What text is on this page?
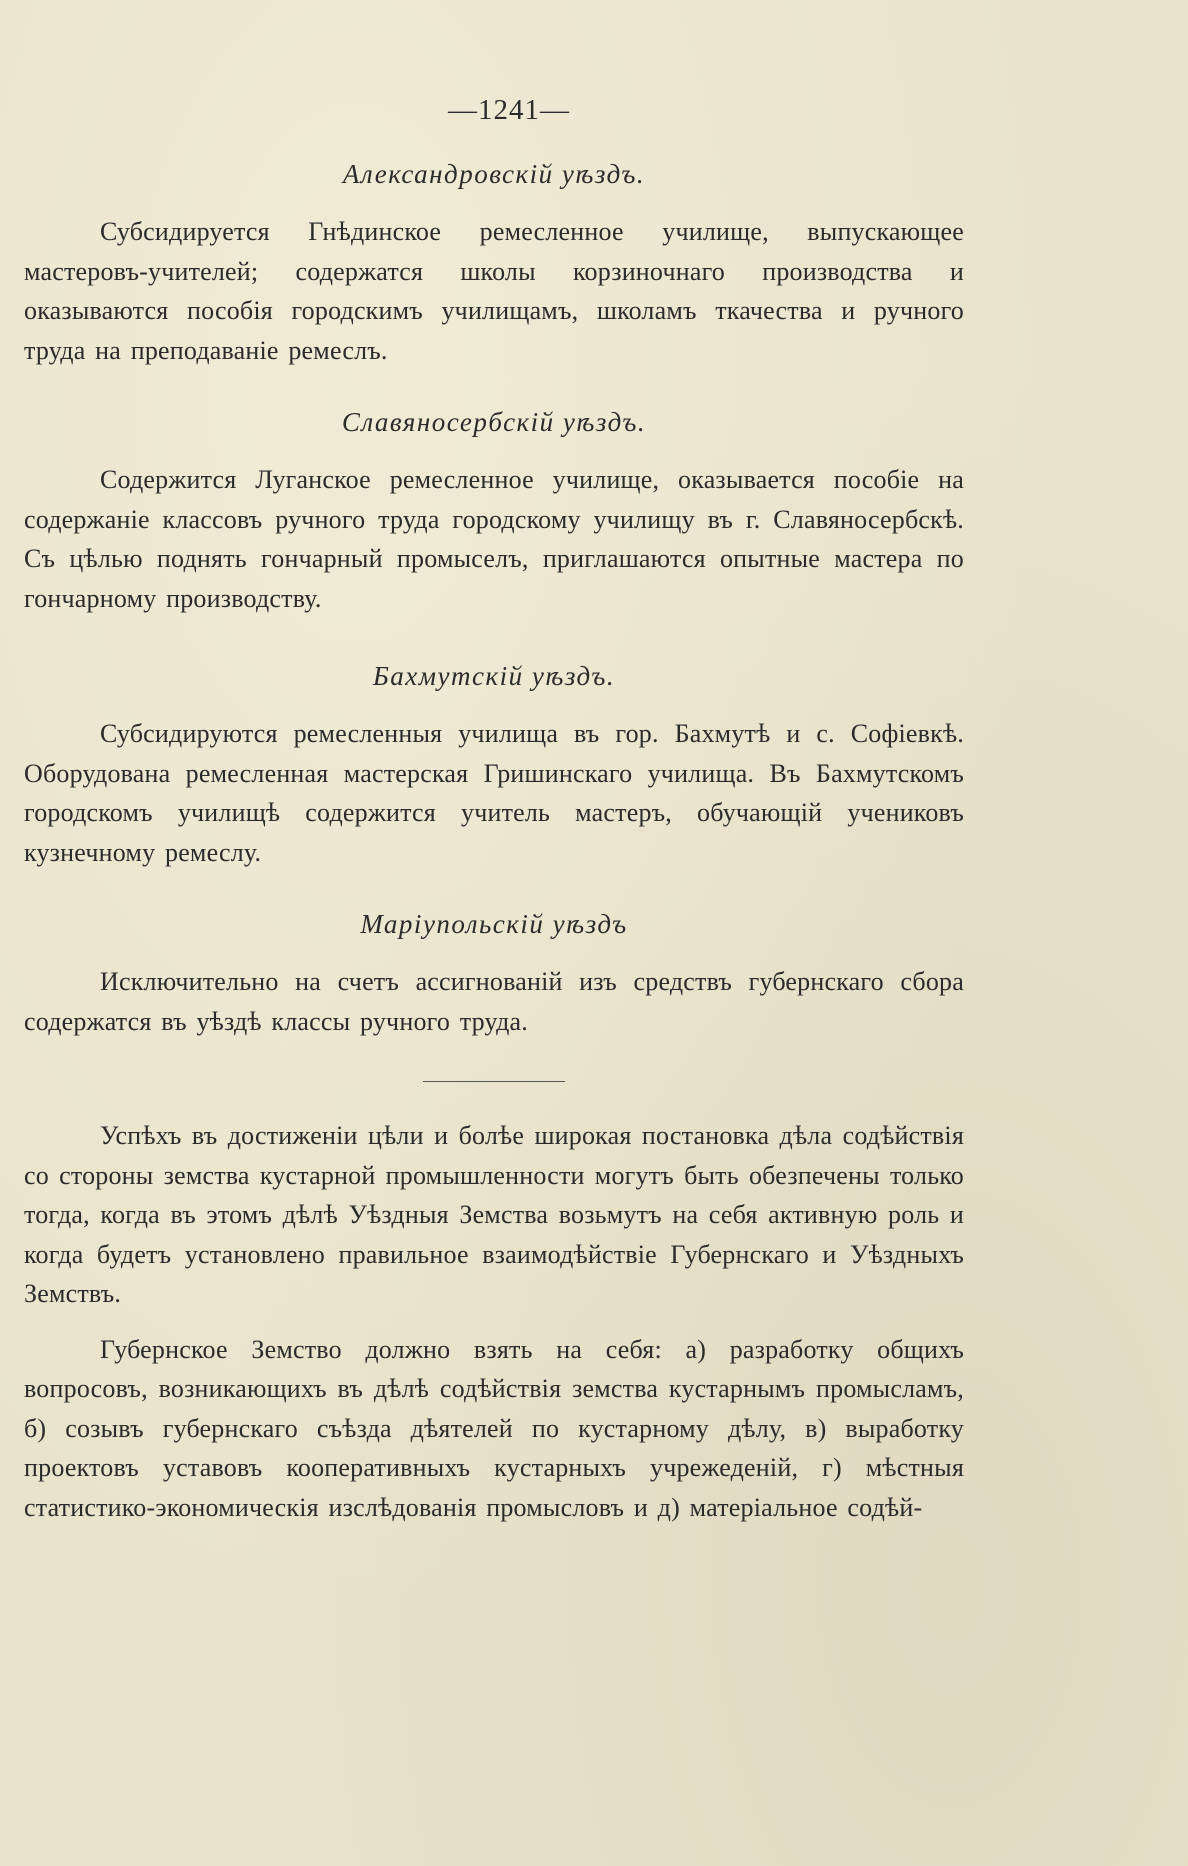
—1241—
Александровскій уѣздъ.

Субсидируется Гнѣдинское ремесленное училище, выпускающее мастеровъ-учителей; содержатся школы корзиночнаго производства и оказываются пособія городскимъ училищамъ, школамъ ткачества и ручного труда на преподаваніе ремеслъ.

Славяносербскій уѣздъ.

Содержится Луганское ремесленное училище, оказывается пособіе на содержаніе классовъ ручного труда городскому училищу въ г. Славяносербскѣ. Съ цѣлью поднять гончарный промыселъ, приглашаются опытные мастера по гончарному производству.

Бахмутскій уѣздъ.

Субсидируются ремесленныя училища въ гор. Бахмутѣ и с. Софіевкѣ. Оборудована ремесленная мастерская Гришинскаго училища. Въ Бахмутскомъ городскомъ училищѣ содержится учитель мастеръ, обучающій учениковъ кузнечному ремеслу.

Маріупольскій уѣздъ

Исключительно на счетъ ассигнованій изъ средствъ губернскаго сбора содержатся въ уѣздѣ классы ручного труда.

Успѣхъ въ достиженіи цѣли и болѣе широкая постановка дѣла содѣйствія со стороны земства кустарной промышленности могутъ быть обезпечены только тогда, когда въ этомъ дѣлѣ Уѣздныя Земства возьмутъ на себя активную роль и когда будетъ установлено правильное взаимодѣйствіе Губернскаго и Уѣздныхъ Земствъ.

Губернское Земство должно взять на себя: а) разработку общихъ вопросовъ, возникающихъ въ дѣлѣ содѣйствія земства кустарнымъ промысламъ, б) созывъ губернскаго съѣзда дѣятелей по кустарному дѣлу, в) выработку проектовъ уставовъ кооперативныхъ кустарныхъ учрежеденій, г) мѣстныя статистико-экономическія изслѣдованія промысловъ и д) матеріальное содѣй-
